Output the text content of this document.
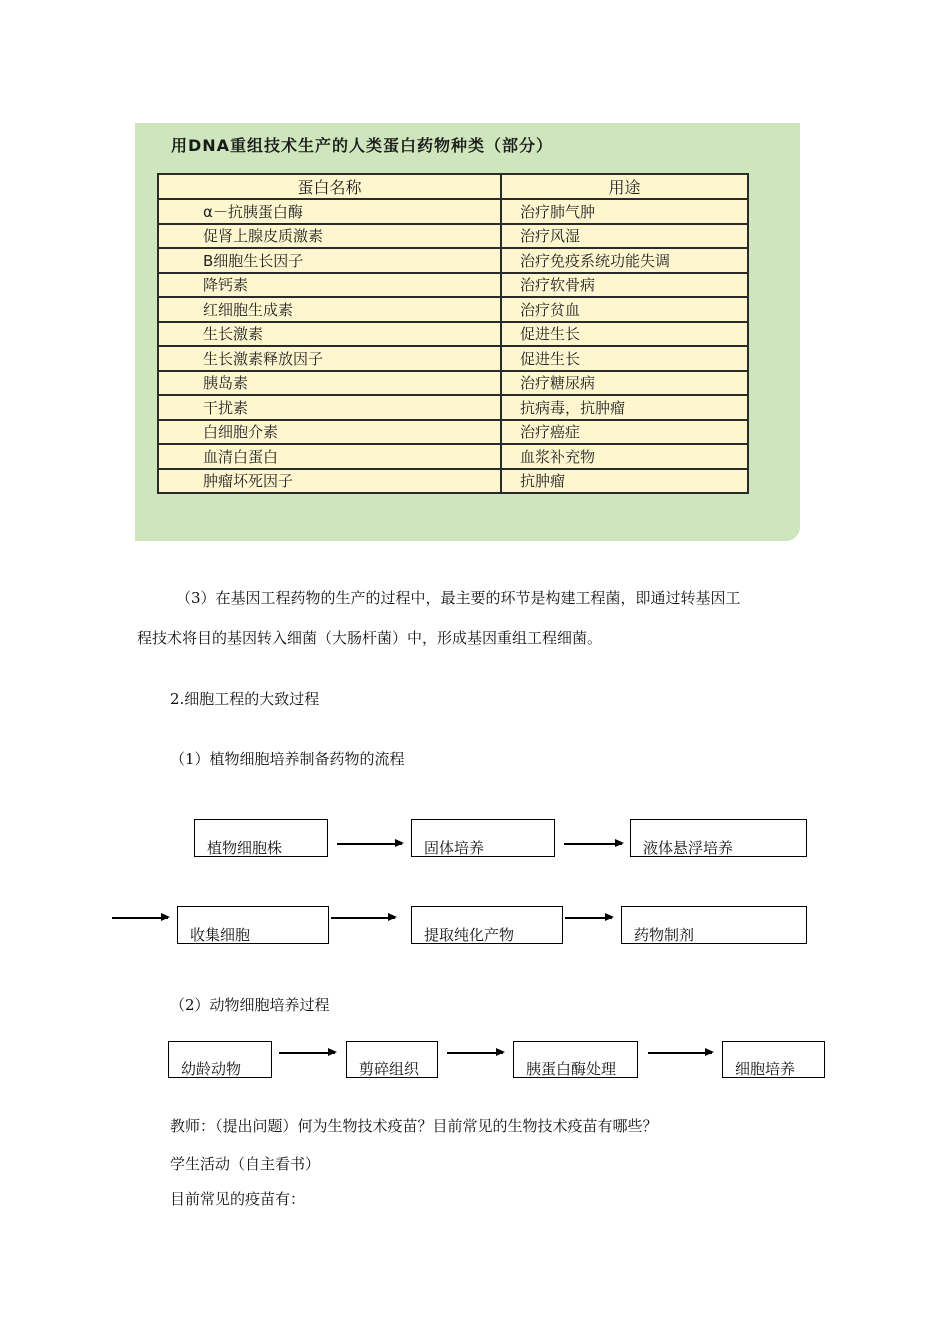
用DNA重组技术生产的人类蛋白药物种类（部分）
蛋白名称	用途
α－抗胰蛋白酶	治疗肺气肿
促肾上腺皮质激素	治疗风湿
B细胞生长因子	治疗免疫系统功能失调
降钙素	治疗软骨病
红细胞生成素	治疗贫血
生长激素	促进生长
生长激素释放因子	促进生长
胰岛素	治疗糖尿病
干扰素	抗病毒，抗肿瘤
白细胞介素	治疗癌症
血清白蛋白	血浆补充物
肿瘤坏死因子	抗肿瘤
（3）在基因工程药物的生产的过程中，最主要的环节是构建工程菌，即通过转基因工
程技术将目的基因转入细菌（大肠杆菌）中，形成基因重组工程细菌。
2.细胞工程的大致过程
（1）植物细胞培养制备药物的流程
植物细胞株	固体培养	液体悬浮培养
收集细胞	提取纯化产物	药物制剂
（2）动物细胞培养过程
幼龄动物	剪碎组织	胰蛋白酶处理	细胞培养
教师：（提出问题）何为生物技术疫苗？目前常见的生物技术疫苗有哪些？
学生活动（自主看书）
目前常见的疫苗有：
